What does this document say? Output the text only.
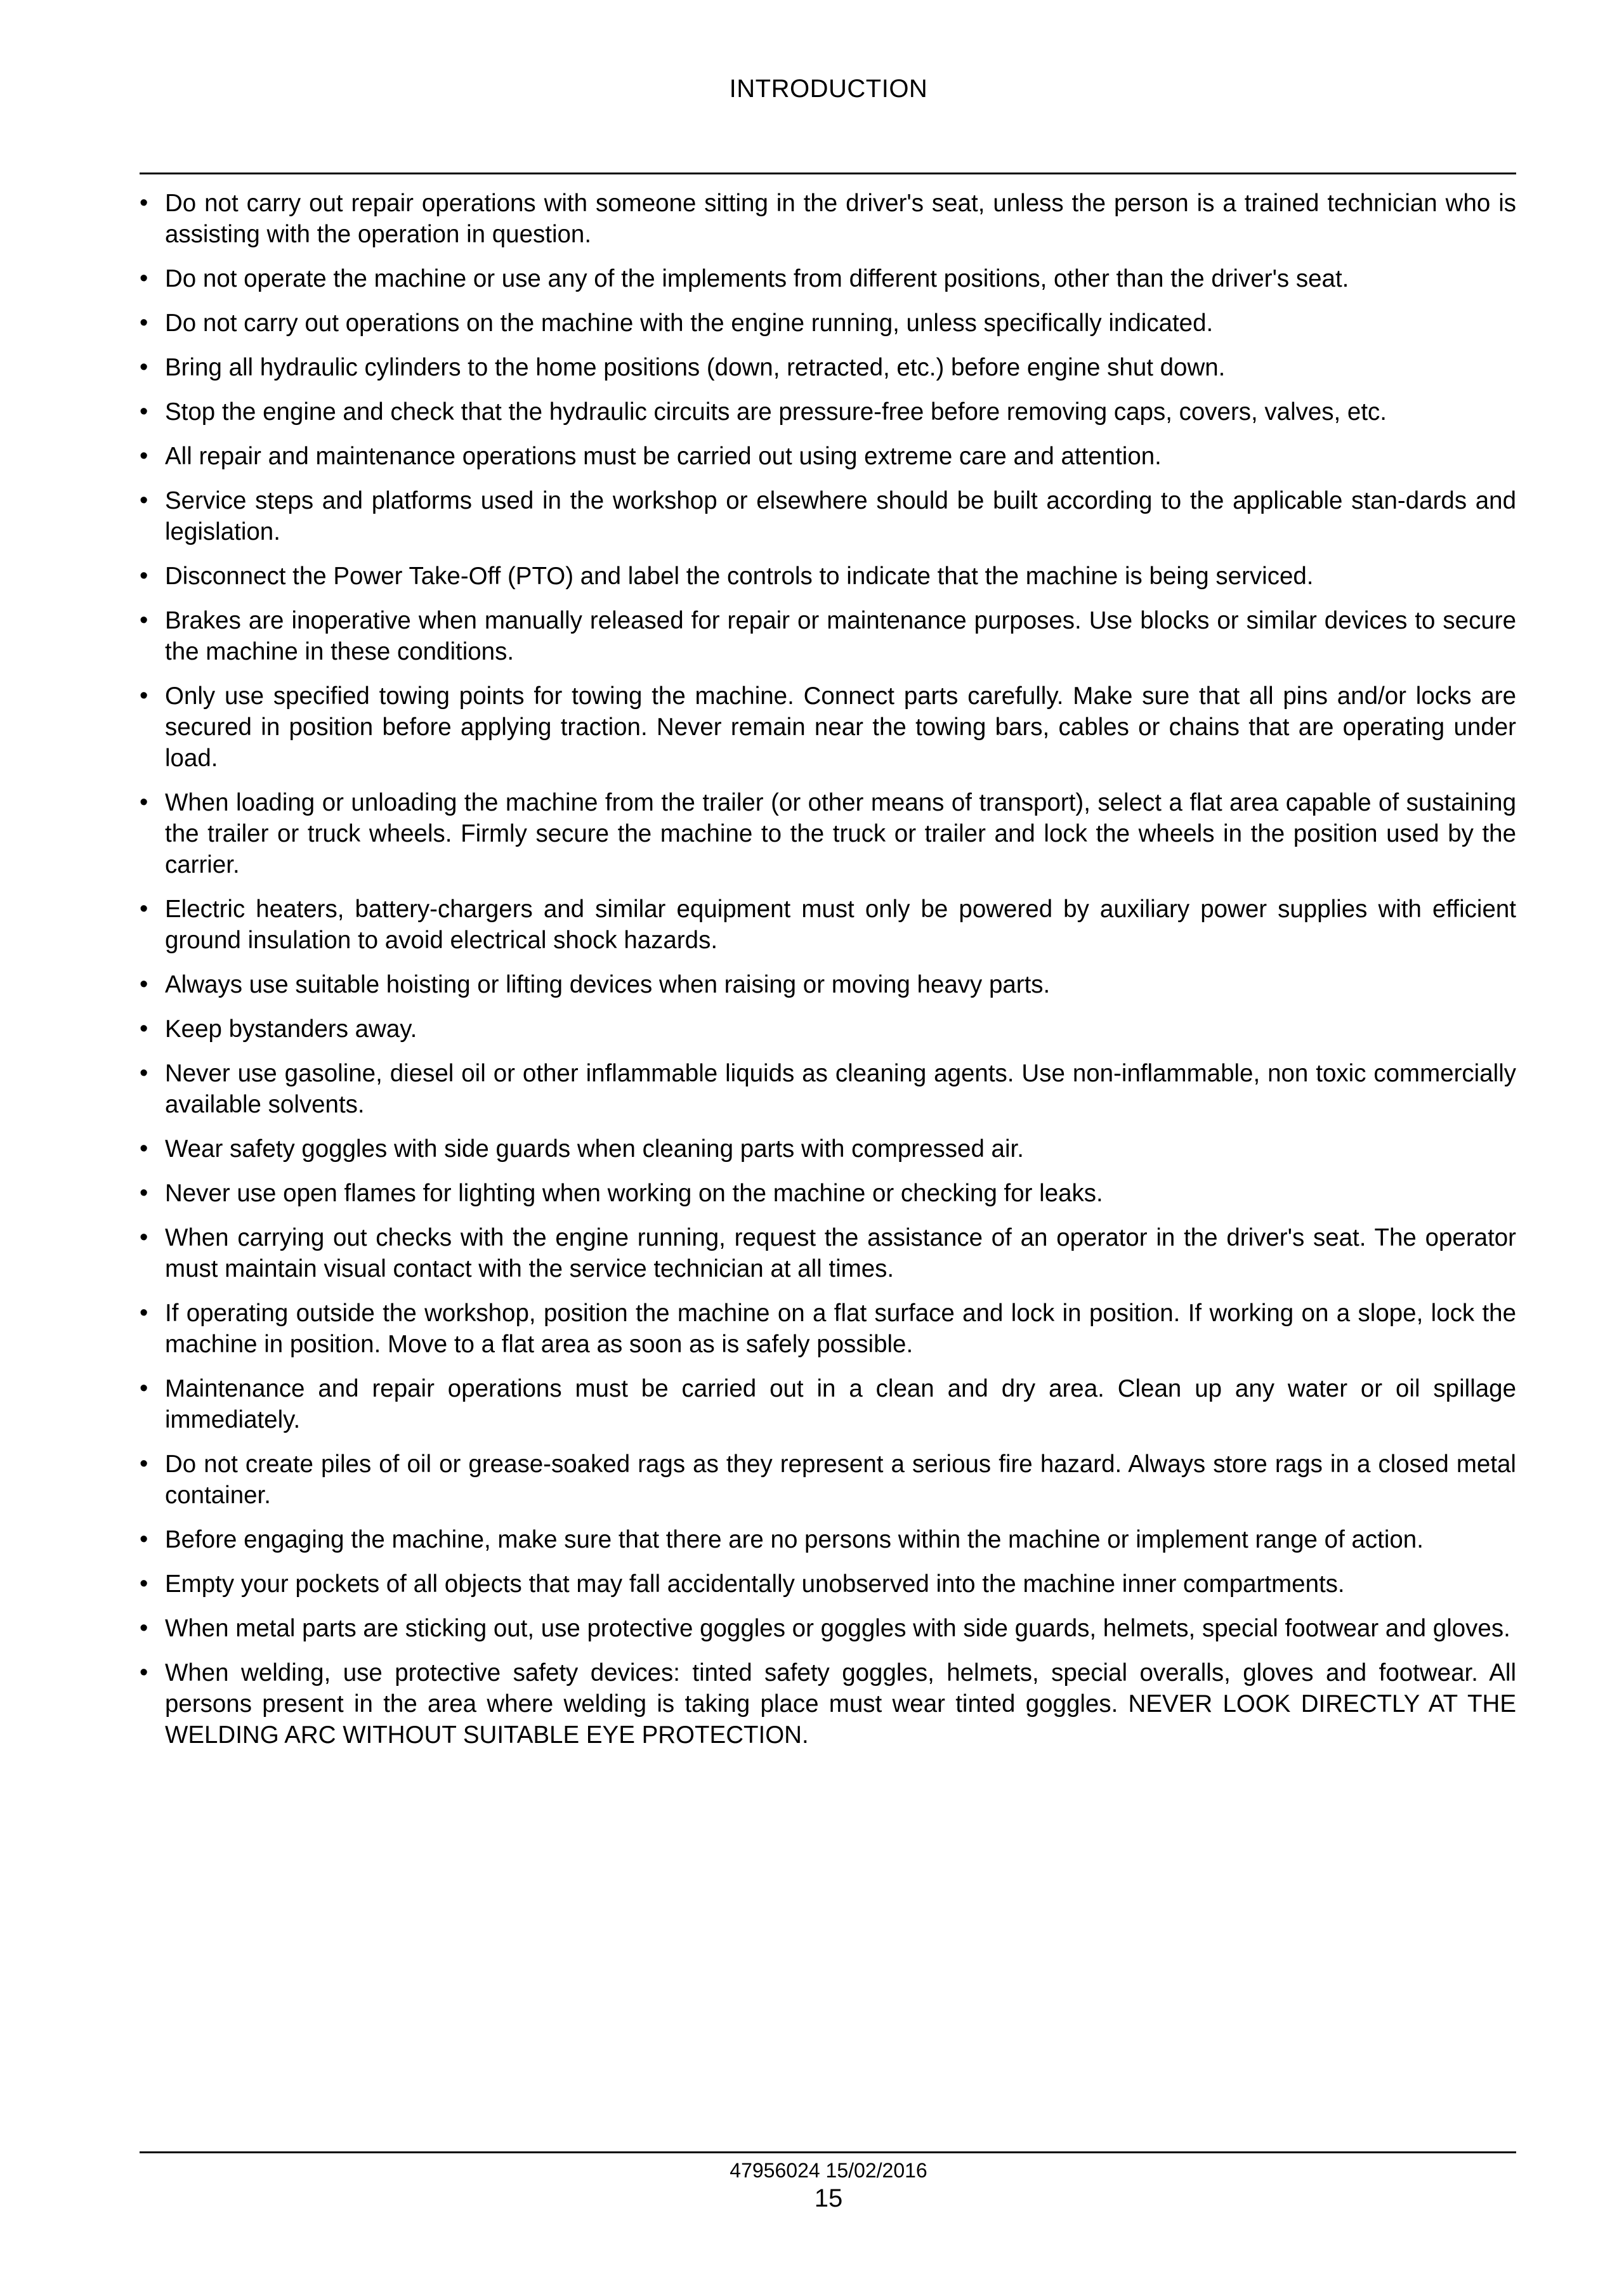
INTRODUCTION
• Do not carry out repair operations with someone sitting in the driver's seat, unless the person is a trained technician who is assisting with the operation in question.
• Do not operate the machine or use any of the implements from different positions, other than the driver's seat.
• Do not carry out operations on the machine with the engine running, unless specifically indicated.
• Bring all hydraulic cylinders to the home positions (down, retracted, etc.) before engine shut down.
• Stop the engine and check that the hydraulic circuits are pressure-free before removing caps, covers, valves, etc.
• All repair and maintenance operations must be carried out using extreme care and attention.
• Service steps and platforms used in the workshop or elsewhere should be built according to the applicable stan-dards and legislation.
• Disconnect the Power Take-Off (PTO) and label the controls to indicate that the machine is being serviced.
• Brakes are inoperative when manually released for repair or maintenance purposes. Use blocks or similar devices to secure the machine in these conditions.
• Only use specified towing points for towing the machine. Connect parts carefully. Make sure that all pins and/or locks are secured in position before applying traction. Never remain near the towing bars, cables or chains that are operating under load.
• When loading or unloading the machine from the trailer (or other means of transport), select a flat area capable of sustaining the trailer or truck wheels. Firmly secure the machine to the truck or trailer and lock the wheels in the position used by the carrier.
• Electric heaters, battery-chargers and similar equipment must only be powered by auxiliary power supplies with efficient ground insulation to avoid electrical shock hazards.
• Always use suitable hoisting or lifting devices when raising or moving heavy parts.
• Keep bystanders away.
• Never use gasoline, diesel oil or other inflammable liquids as cleaning agents. Use non-inflammable, non toxic commercially available solvents.
• Wear safety goggles with side guards when cleaning parts with compressed air.
• Never use open flames for lighting when working on the machine or checking for leaks.
• When carrying out checks with the engine running, request the assistance of an operator in the driver's seat. The operator must maintain visual contact with the service technician at all times.
• If operating outside the workshop, position the machine on a flat surface and lock in position. If working on a slope, lock the machine in position. Move to a flat area as soon as is safely possible.
• Maintenance and repair operations must be carried out in a clean and dry area. Clean up any water or oil spillage immediately.
• Do not create piles of oil or grease-soaked rags as they represent a serious fire hazard. Always store rags in a closed metal container.
• Before engaging the machine, make sure that there are no persons within the machine or implement range of action.
• Empty your pockets of all objects that may fall accidentally unobserved into the machine inner compartments.
• When metal parts are sticking out, use protective goggles or goggles with side guards, helmets, special footwear and gloves.
• When welding, use protective safety devices: tinted safety goggles, helmets, special overalls, gloves and footwear. All persons present in the area where welding is taking place must wear tinted goggles. NEVER LOOK DIRECTLY AT THE WELDING ARC WITHOUT SUITABLE EYE PROTECTION.
47956024 15/02/2016
15
